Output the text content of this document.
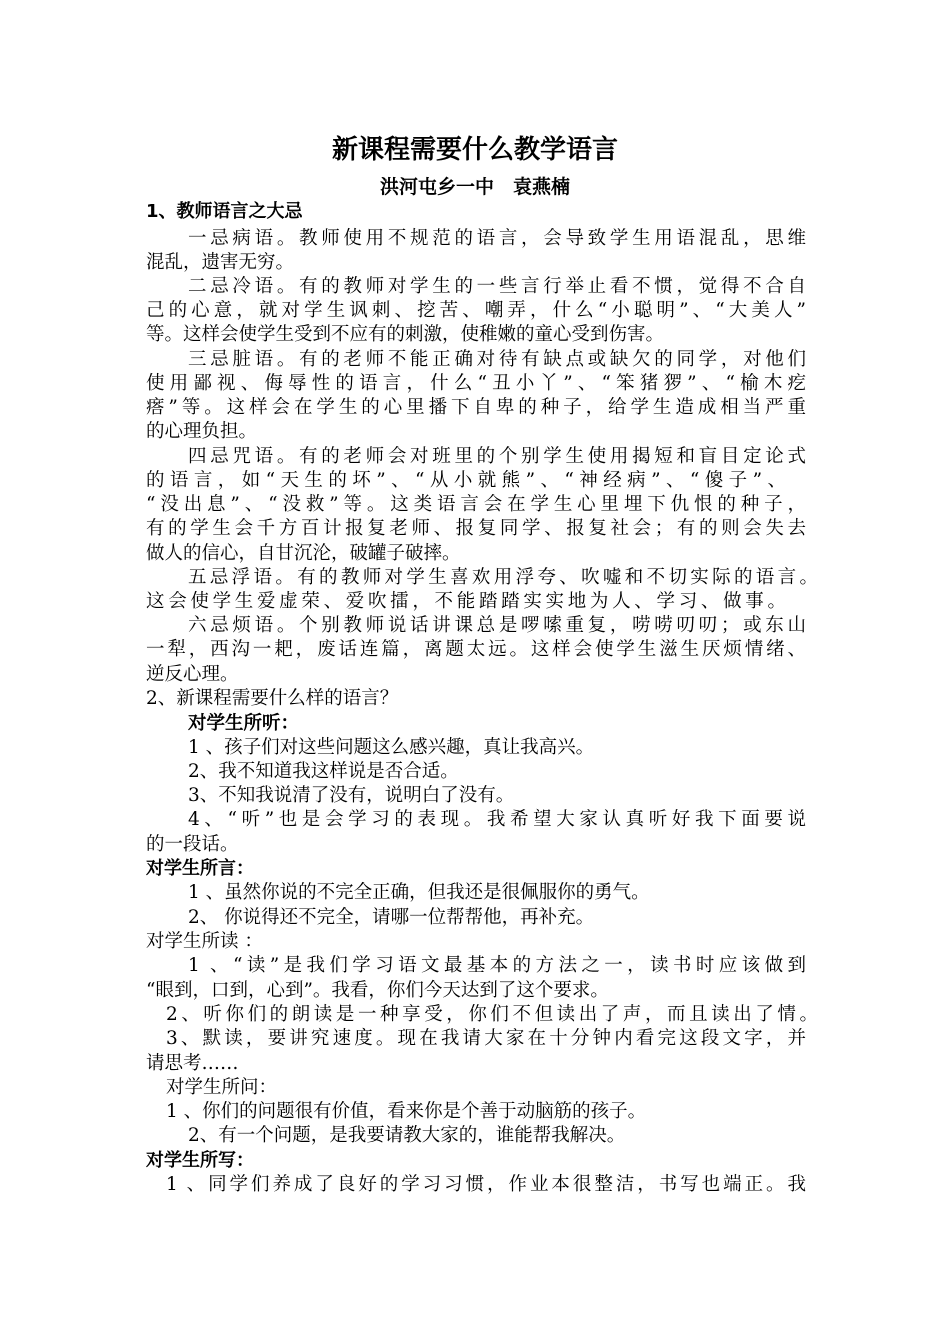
新课程需要什么教学语言
洪河屯乡一中　袁燕楠
1、教师语言之大忌
一忌病语。教师使用不规范的语言，会导致学生用语混乱，思维
混乱，遗害无穷。
二忌冷语。有的教师对学生的一些言行举止看不惯，觉得不合自
己的心意，就对学生讽刺、挖苦、嘲弄，什么“小聪明”、“大美人”
等。这样会使学生受到不应有的刺激，使稚嫩的童心受到伤害。
三忌脏语。有的老师不能正确对待有缺点或缺欠的同学，对他们
使用鄙视、侮辱性的语言，什么“丑小丫”、“笨猪猡”、“榆木疙
瘩”等。这样会在学生的心里播下自卑的种子，给学生造成相当严重
的心理负担。
四忌咒语。有的老师会对班里的个别学生使用揭短和盲目定论式
的语言，如“天生的坏”、“从小就熊”、“神经病”、“傻子”、
“没出息”、“没救”等。这类语言会在学生心里埋下仇恨的种子，
有的学生会千方百计报复老师、报复同学、报复社会；有的则会失去
做人的信心，自甘沉沦，破罐子破摔。
五忌浮语。有的教师对学生喜欢用浮夸、吹嘘和不切实际的语言。
这会使学生爱虚荣、爱吹擂，不能踏踏实实地为人、学习、做事。
六忌烦语。个别教师说话讲课总是啰嗦重复，唠唠叨叨；或东山
一犁，西沟一耙，废话连篇，离题太远。这样会使学生滋生厌烦情绪、
逆反心理。
2、新课程需要什么样的语言？
对学生所听：
1 、孩子们对这些问题这么感兴趣，真让我高兴。
2、我不知道我这样说是否合适。
3、不知我说清了没有，说明白了没有。
4、“听”也是会学习的表现。我希望大家认真听好我下面要说
的一段话。
对学生所言：
1 、虽然你说的不完全正确，但我还是很佩服你的勇气。
2、 你说得还不完全，请哪一位帮帮他，再补充。
对学生所读 ：
1 、“读”是我们学习语文最基本的方法之一，读书时应该做到
“眼到，口到，心到”。我看，你们今天达到了这个要求。
2、听你们的朗读是一种享受，你们不但读出了声，而且读出了情。
3、默读，要讲究速度。现在我请大家在十分钟内看完这段文字，并
请思考……
对学生所问：
1 、你们的问题很有价值，看来你是个善于动脑筋的孩子。
2、有一个问题，是我要请教大家的，谁能帮我解决。
对学生所写：
1 、同学们养成了良好的学习习惯，作业本很整洁，书写也端正。我
